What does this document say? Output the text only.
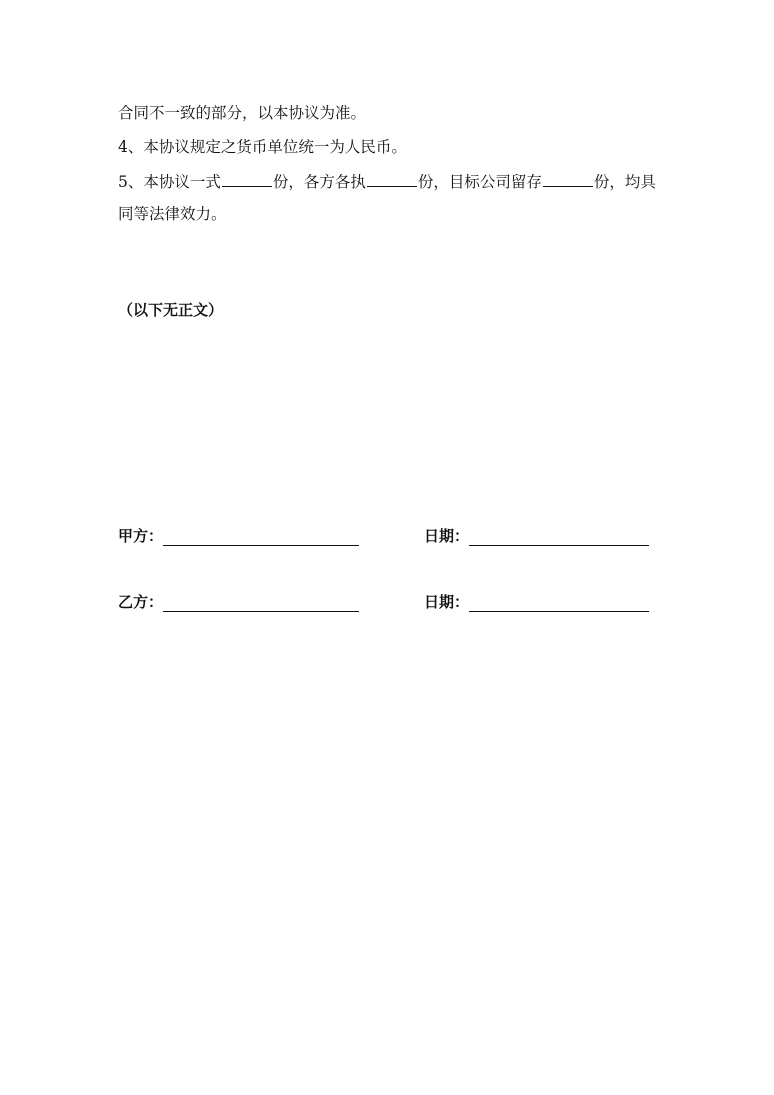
合同不一致的部分，以本协议为准。
4、本协议规定之货币单位统一为人民币。
5、本协议一式	份，各方各执	份，目标公司留存	份，均具
同等法律效力。
（以下无正文）
甲方：	日期：
乙方：	日期：
